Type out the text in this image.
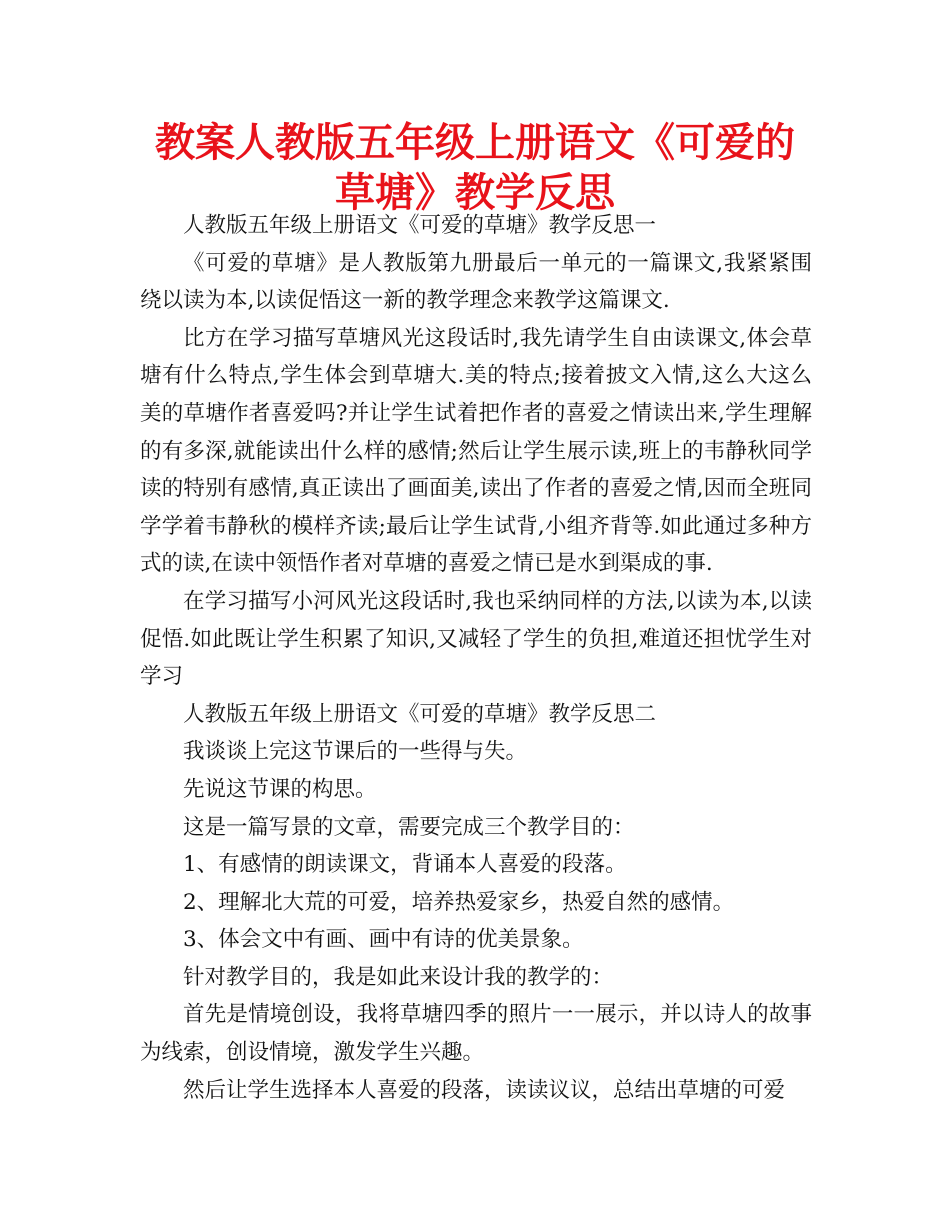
教案人教版五年级上册语文《可爱的草塘》教学反思

人教版五年级上册语文《可爱的草塘》教学反思一

《可爱的草塘》是人教版第九册最后一单元的一篇课文,我紧紧围绕以读为本,以读促悟这一新的教学理念来教学这篇课文.

比方在学习描写草塘风光这段话时,我先请学生自由读课文,体会草塘有什么特点,学生体会到草塘大.美的特点;接着披文入情,这么大这么美的草塘作者喜爱吗?并让学生试着把作者的喜爱之情读出来,学生理解的有多深,就能读出什么样的感情;然后让学生展示读,班上的韦静秋同学读的特别有感情,真正读出了画面美,读出了作者的喜爱之情,因而全班同学学着韦静秋的模样齐读;最后让学生试背,小组齐背等.如此通过多种方式的读,在读中领悟作者对草塘的喜爱之情已是水到渠成的事.

在学习描写小河风光这段话时,我也采纳同样的方法,以读为本,以读促悟.如此既让学生积累了知识,又减轻了学生的负担,难道还担忧学生对学习

人教版五年级上册语文《可爱的草塘》教学反思二

我谈谈上完这节课后的一些得与失。

先说这节课的构思。

这是一篇写景的文章，需要完成三个教学目的：

1、有感情的朗读课文，背诵本人喜爱的段落。

2、理解北大荒的可爱，培养热爱家乡，热爱自然的感情。

3、体会文中有画、画中有诗的优美景象。

针对教学目的，我是如此来设计我的教学的：

首先是情境创设，我将草塘四季的照片一一展示，并以诗人的故事为线索，创设情境，激发学生兴趣。

然后让学生选择本人喜爱的段落，读读议议，总结出草塘的可爱
